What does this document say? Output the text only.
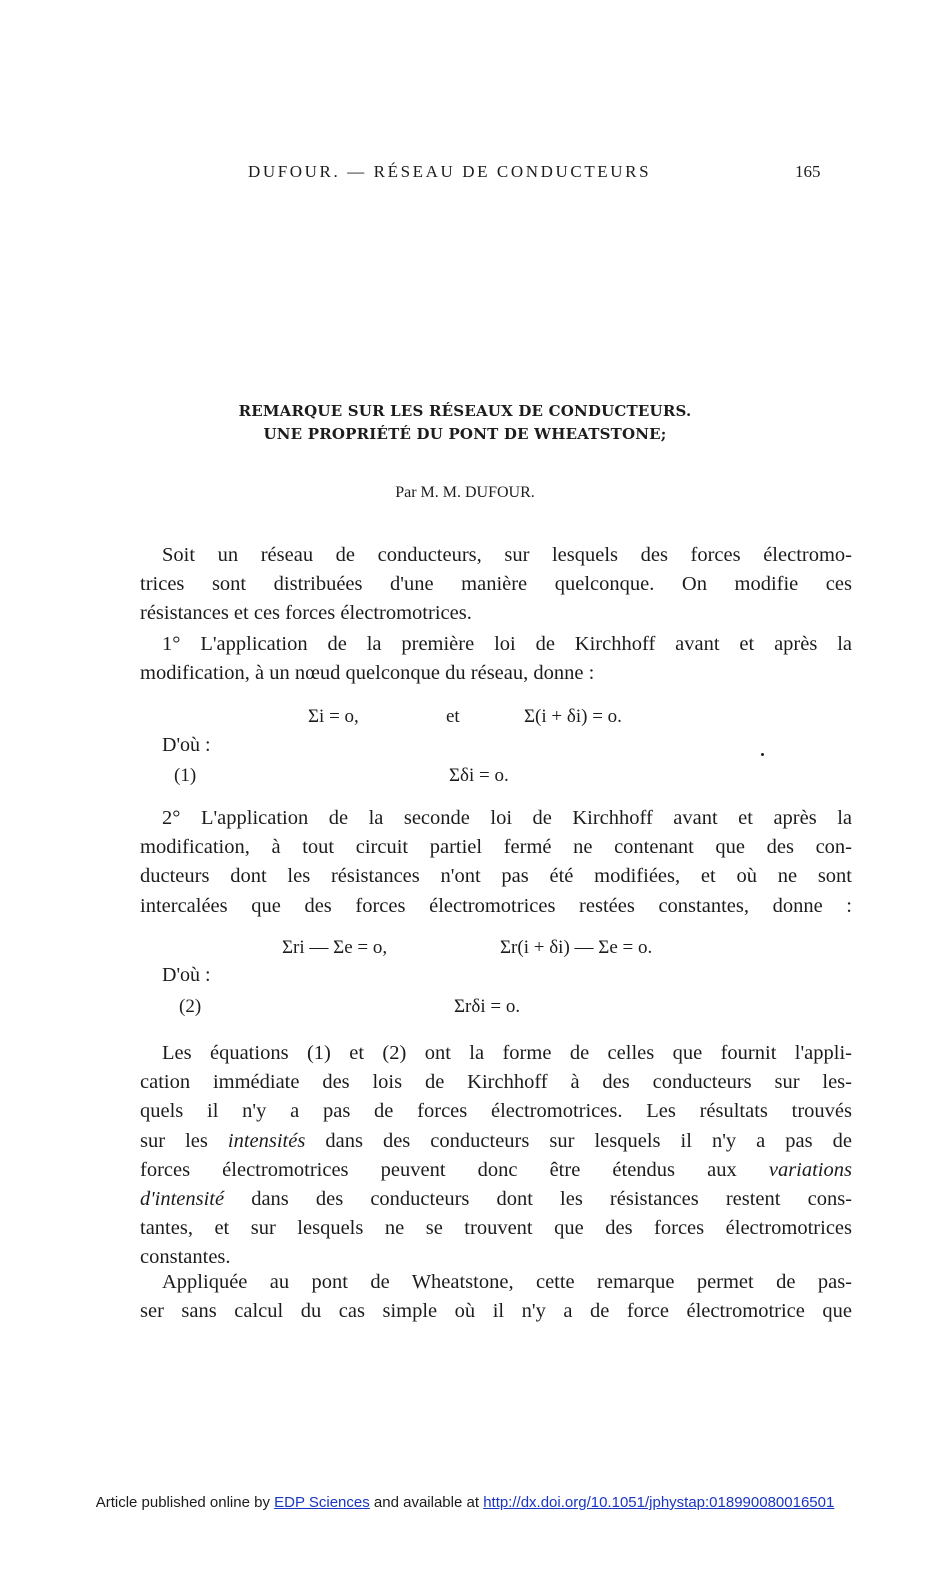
DUFOUR. — RÉSEAU DE CONDUCTEURS	165
REMARQUE SUR LES RÉSEAUX DE CONDUCTEURS.
UNE PROPRIÉTÉ DU PONT DE WHEATSTONE;
Par M. M. DUFOUR.
Soit un réseau de conducteurs, sur lesquels des forces électromo-
trices sont distribuées d'une manière quelconque. On modifie ces
résistances et ces forces électromotrices.
1° L'application de la première loi de Kirchhoff avant et après la
modification, à un nœud quelconque du réseau, donne :
Σi = o,	et	Σ(i + δi) = o.
D'où :
(1)	Σδi = o.
2° L'application de la seconde loi de Kirchhoff avant et après la
modification, à tout circuit partiel fermé ne contenant que des con-
ducteurs dont les résistances n'ont pas été modifiées, et où ne sont
intercalées que des forces électromotrices restées constantes, donne :
Σri — Σe = o,	Σr(i + δi) — Σe = o.
D'où :
(2)	Σrδi = o.
Les équations (1) et (2) ont la forme de celles que fournit l'appli-
cation immédiate des lois de Kirchhoff à des conducteurs sur les-
quels il n'y a pas de forces électromotrices. Les résultats trouvés
sur les intensités dans des conducteurs sur lesquels il n'y a pas de
forces électromotrices peuvent donc être étendus aux variations
d'intensité dans des conducteurs dont les résistances restent cons-
tantes, et sur lesquels ne se trouvent que des forces électromotrices
constantes.
Appliquée au pont de Wheatstone, cette remarque permet de pas-
ser sans calcul du cas simple où il n'y a de force électromotrice que
Article published online by EDP Sciences and available at http://dx.doi.org/10.1051/jphystap:018990080016501
